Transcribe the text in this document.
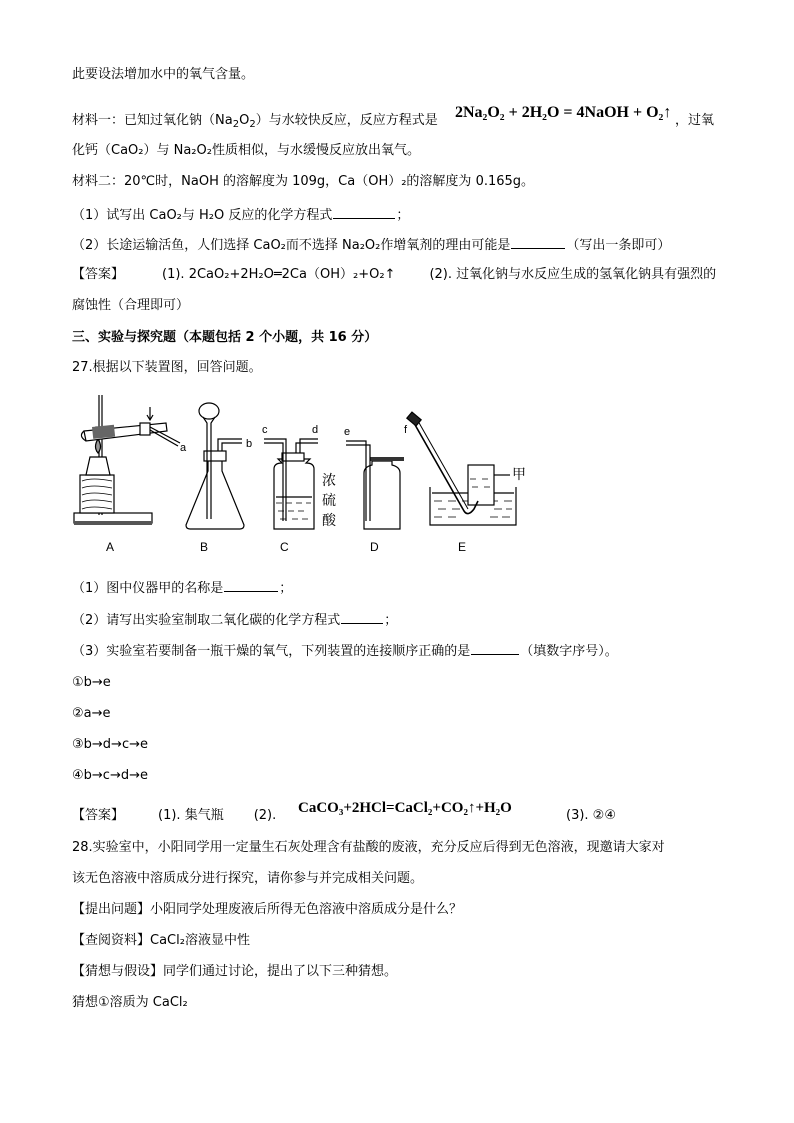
此要设法增加水中的氧气含量。
材料一：已知过氧化钠$(Na_2O_2)$与水较快反应，反应方程式是 2Na₂O₂ + 2H₂O = 4NaOH + O₂↑ ，过氧
化钙（CaO₂）与 Na₂O₂性质相似，与水缓慢反应放出氧气。
材料二：20℃时，NaOH 的溶解度为 109g，Ca（OH）₂的溶解度为 0.165g。
（1）试写出 CaO₂与 H₂O 反应的化学方程式	；
（2）长途运输活鱼，人们选择 CaO₂而不选择 Na₂O₂作增氧剂的理由可能是	（写出一条即可）
【答案】	(1). 2CaO₂+2H₂O═2Ca（OH）₂+O₂↑	(2). 过氧化钠与水反应生成的氢氧化钠具有强烈的
腐蚀性（合理即可）
三、实验与探究题（本题包括 2 个小题，共 16 分）
27.根据以下装置图，回答问题。
a
A
b
B
c	d
浓
硫
酸
C
e
D
f
甲
E
（1）图中仪器甲的名称是	；
（2）请写出实验室制取二氧化碳的化学方程式	；
（3）实验室若要制备一瓶干燥的氧气，下列装置的连接顺序正确的是	（填数字序号）。
①b→e
②a→e
③b→d→c→e
④b→c→d→e
【答案】	(1). 集气瓶 (2). CaCO₃+2HCl=CaCl₂+CO₂↑+H₂O	(3). ②④
28.实验室中，小阳同学用一定量生石灰处理含有盐酸的废液，充分反应后得到无色溶液，现邀请大家对
该无色溶液中溶质成分进行探究，请你参与并完成相关问题。
【提出问题】小阳同学处理废液后所得无色溶液中溶质成分是什么？
【查阅资料】CaCl₂溶液显中性
【猜想与假设】同学们通过讨论，提出了以下三种猜想。
猜想①溶质为 CaCl₂
